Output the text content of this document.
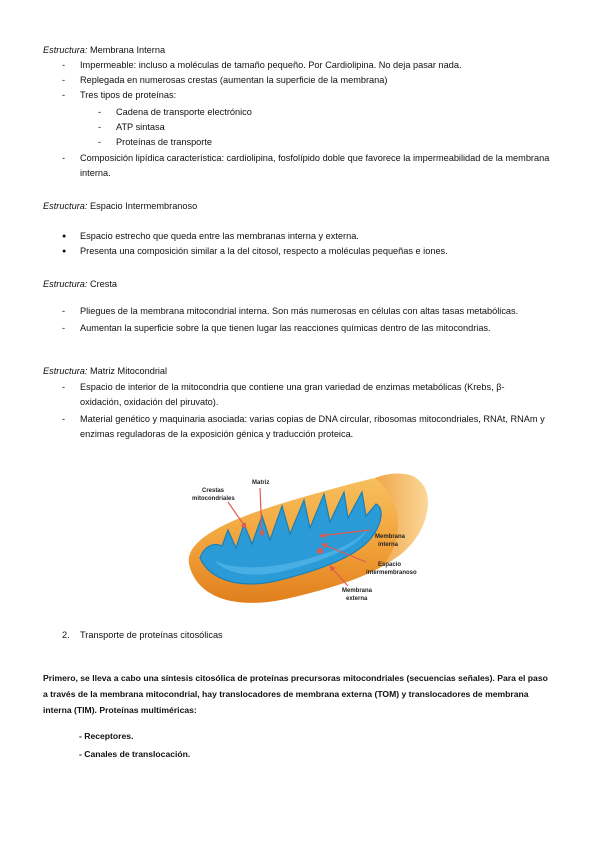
Estructura: Membrana Interna
- Impermeable: incluso a moléculas de tamaño pequeño. Por Cardiolipina. No deja pasar nada.
- Replegada en numerosas crestas (aumentan la superficie de la membrana)
- Tres tipos de proteínas:
- Cadena de transporte electrónico
- ATP sintasa
- Proteínas de transporte
- Composición lipídica característica: cardiolipina, fosfolípido doble que favorece la impermeabilidad de la membrana interna.
Estructura: Espacio Intermembranoso
● Espacio estrecho que queda entre las membranas interna y externa.
● Presenta una composición similar a la del citosol, respecto a moléculas pequeñas e iones.
Estructura: Cresta
- Pliegues de la membrana mitocondrial interna. Son más numerosas en células con altas tasas metabólicas.
- Aumentan la superficie sobre la que tienen lugar las reacciones químicas dentro de las mitocondrias.
Estructura: Matriz Mitocondrial
- Espacio de interior de la mitocondria que contiene una gran variedad de enzimas metabólicas (Krebs, β-oxidación, oxidación del piruvato).
- Material genético y maquinaria asociada: varias copias de DNA circular, ribosomas mitocondriales, RNAt, RNAm y enzimas reguladoras de la exposición génica y traducción proteica.
Crestas
mitocondriales
Matriz
Membrana
interna
Espacio
intermembranoso
Membrana
externa
2. Transporte de proteínas citosólicas
Primero, se lleva a cabo una síntesis citosólica de proteínas precursoras mitocondriales (secuencias señales). Para el paso a través de la membrana mitocondrial, hay translocadores de membrana externa (TOM) y translocadores de membrana interna (TIM). Proteínas multiméricas:
- Receptores.
- Canales de translocación.
